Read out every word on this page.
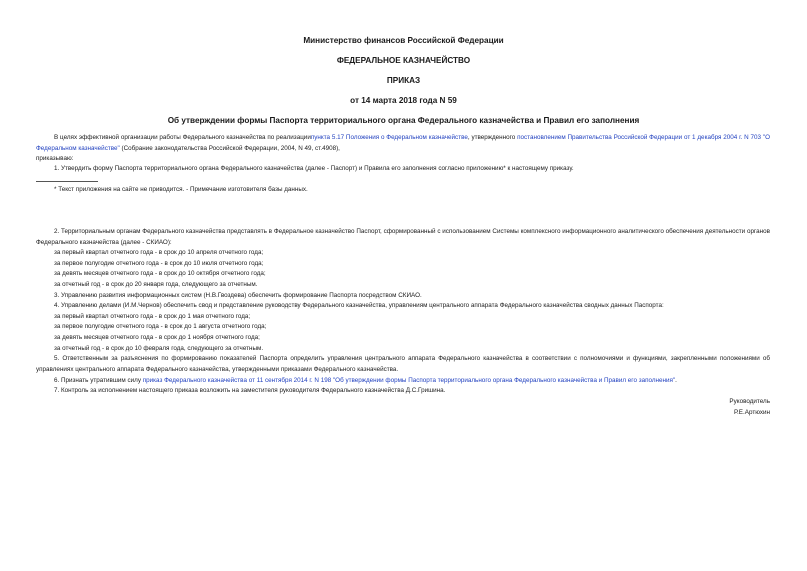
Министерство финансов Российской Федерации
ФЕДЕРАЛЬНОЕ КАЗНАЧЕЙСТВО
ПРИКАЗ
от 14 марта 2018 года N 59
Об утверждении формы Паспорта территориального органа Федерального казначейства и Правил его заполнения

В целях эффективной организации работы Федерального казначейства по реализациипункта 5.17 Положения о Федеральном казначействе, утвержденного постановлением Правительства Российской Федерации от 1 декабря 2004 г. N 703 "О Федеральном казначействе" (Собрание законодательства Российской Федерации, 2004, N 49, ст.4908),

приказываю:

1. Утвердить форму Паспорта территориального органа Федерального казначейства (далее - Паспорт) и Правила его заполнения согласно приложению* к настоящему приказу.

* Текст приложения на сайте не приводится. - Примечание изготовителя базы данных.

2. Территориальным органам Федерального казначейства представлять в Федеральное казначейство Паспорт, сформированный с использованием Системы комплексного информационного аналитического обеспечения деятельности органов Федерального казначейства (далее - СКИАО):

за первый квартал отчетного года - в срок до 10 апреля отчетного года;

за первое полугодие отчетного года - в срок до 10 июля отчетного года;

за девять месяцев отчетного года - в срок до 10 октября отчетного года;

за отчетный год - в срок до 20 января года, следующего за отчетным.

3. Управлению развития информационных систем (Н.В.Гвоздева) обеспечить формирование Паспорта посредством СКИАО.

4. Управлению делами (И.М.Чернов) обеспечить свод и представление руководству Федерального казначейства, управлениям центрального аппарата Федерального казначейства сводных данных Паспорта:

за первый квартал отчетного года - в срок до 1 мая отчетного года;

за первое полугодие отчетного года - в срок до 1 августа отчетного года;

за девять месяцев отчетного года - в срок до 1 ноября отчетного года;

за отчетный год - в срок до 10 февраля года, следующего за отчетным.

5. Ответственным за разъяснения по формированию показателей Паспорта определить управления центрального аппарата Федерального казначейства в соответствии с полномочиями и функциями, закрепленными положениями об управлениях центрального аппарата Федерального казначейства, утвержденными приказами Федерального казначейства.

6. Признать утратившим силу приказ Федерального казначейства от 11 сентября 2014 г. N 198 "Об утверждении формы Паспорта территориального органа Федерального казначейства и Правил его заполнения".

7. Контроль за исполнением настоящего приказа возложить на заместителя руководителя Федерального казначейства Д.С.Гришина.

Руководитель

Р.Е.Артюхин
